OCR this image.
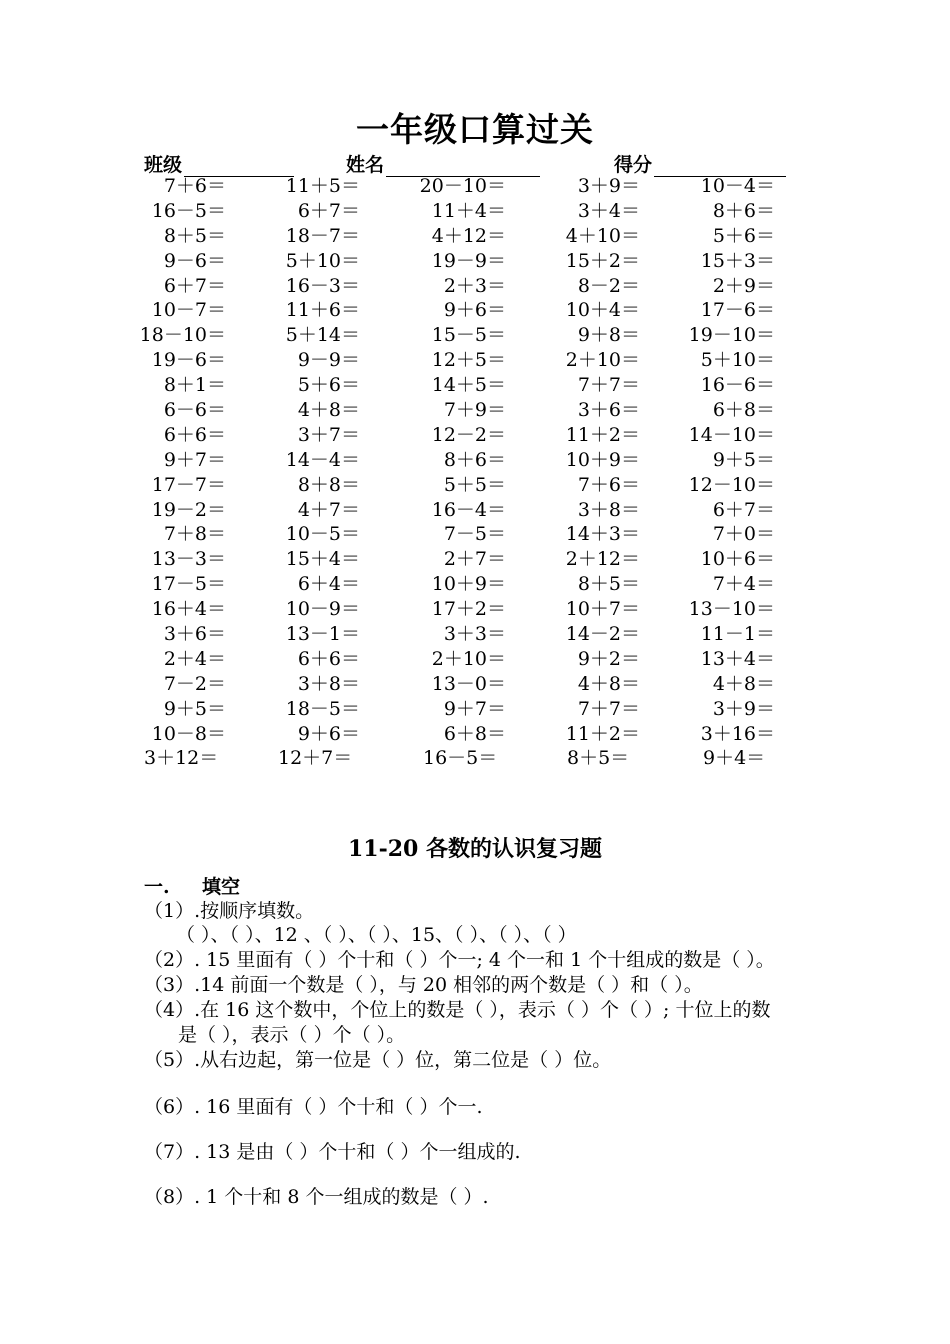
一年级口算过关
班级	姓名	得分
7＋6＝	11＋5＝	20－10＝	3＋9＝	10－4＝
16－5＝	6＋7＝	11＋4＝	3＋4＝	8＋6＝
8＋5＝	18－7＝	4＋12＝	4＋10＝	5＋6＝
9－6＝	5＋10＝	19－9＝	15＋2＝	15＋3＝
6＋7＝	16－3＝	2＋3＝	8－2＝	2＋9＝
10－7＝	11＋6＝	9＋6＝	10＋4＝	17－6＝
18－10＝	5＋14＝	15－5＝	9＋8＝	19－10＝
19－6＝	9－9＝	12＋5＝	2＋10＝	5＋10＝
8＋1＝	5＋6＝	14＋5＝	7＋7＝	16－6＝
6－6＝	4＋8＝	7＋9＝	3＋6＝	6＋8＝
6＋6＝	3＋7＝	12－2＝	11＋2＝	14－10＝
9＋7＝	14－4＝	8＋6＝	10＋9＝	9＋5＝
17－7＝	8＋8＝	5＋5＝	7＋6＝	12－10＝
19－2＝	4＋7＝	16－4＝	3＋8＝	6＋7＝
7＋8＝	10－5＝	7－5＝	14＋3＝	7＋0＝
13－3＝	15＋4＝	2＋7＝	2＋12＝	10＋6＝
17－5＝	6＋4＝	10＋9＝	8＋5＝	7＋4＝
16＋4＝	10－9＝	17＋2＝	10＋7＝	13－10＝
3＋6＝	13－1＝	3＋3＝	14－2＝	11－1＝
2＋4＝	6＋6＝	2＋10＝	9＋2＝	13＋4＝
7－2＝	3＋8＝	13－0＝	4＋8＝	4＋8＝
9＋5＝	18－5＝	9＋7＝	7＋7＝	3＋9＝
10－8＝	9＋6＝	6＋8＝	11＋2＝	3＋16＝
3＋12＝	12＋7＝	16－5＝	8＋5＝	9＋4＝
11-20 各数的认识复习题
一. 填空
（1）.按顺序填数。
（ ）、（ ）、12 、（ ）、（ ）、15、（ ）、（ ）、（ ）
（2）. 15 里面有（ ）个十和（ ）个一; 4 个一和 1 个十组成的数是（ ）。
（3）.14 前面一个数是（ ），与 20 相邻的两个数是（ ）和（ ）。
（4）.在 16 这个数中，个位上的数是（ ），表示（ ）个（ ）; 十位上的数
是（ ），表示（ ）个（ ）。
（5）.从右边起，第一位是（ ）位，第二位是（ ）位。
（6）. 16 里面有（ ）个十和（ ）个一.
（7）. 13 是由（ ）个十和（ ）个一组成的.
（8）. 1 个十和 8 个一组成的数是（ ）.
